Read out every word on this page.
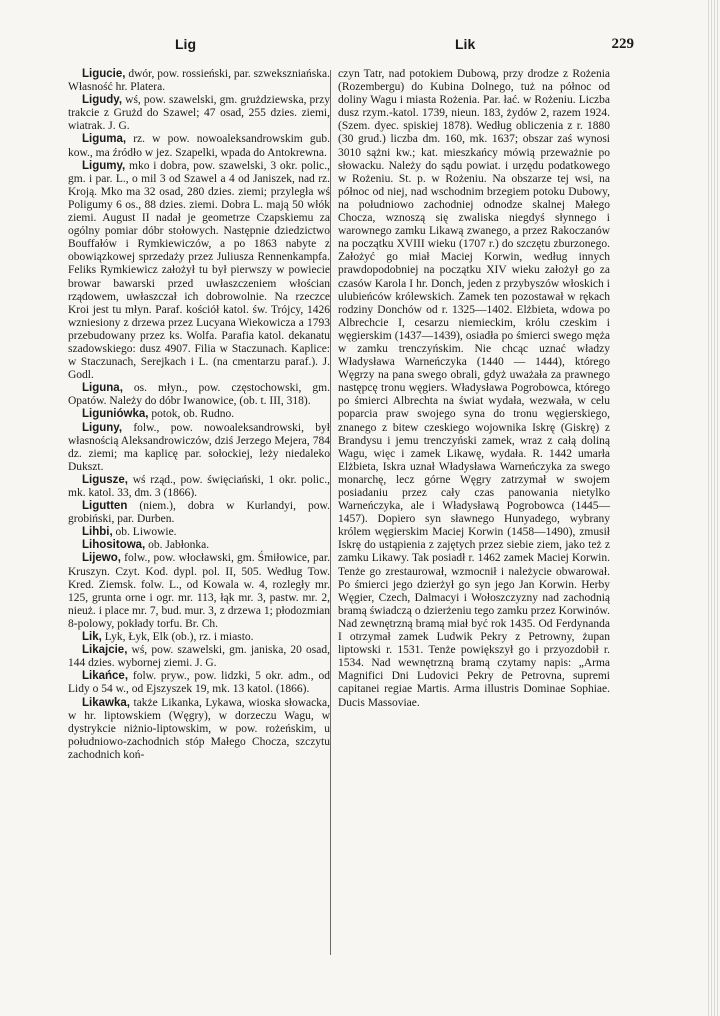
Lig	Lik	229

Ligucie, dwór, pow. rossieński, par. szwekszniańska. Własność hr. Platera.

Ligudy, wś, pow. szawelski, gm. grużdziewska, przy trakcie z Grużd do Szawel; 47 osad, 255 dzies. ziemi, wiatrak. J. G.

Liguma, rz. w pow. nowoaleksandrowskim gub. kow., ma źródło w jez. Szapelki, wpada do Antokrewna.

Ligumy, mko i dobra, pow. szawelski, 3 okr. polic., gm. i par. L., o mil 3 od Szawel a 4 od Janiszek, nad rz. Kroją. Mko ma 32 osad, 280 dzies. ziemi; przyległa wś Poligumy 6 os., 88 dzies. ziemi. Dobra L. mają 50 włók ziemi. August II nadał je geometrze Czapskiemu za ogólny pomiar dóbr stołowych. Następnie dziedzictwo Bouffałów i Rymkiewiczów, a po 1863 nabyte z obowiązkowej sprzedaży przez Juliusza Rennenkampfa. Feliks Rymkiewicz założył tu był pierwszy w powiecie browar bawarski przed uwłaszczeniem włościan rządowem, uwłaszczał ich dobrowolnie. Na rzeczce Kroi jest tu młyn. Paraf. kościół katol. św. Trójcy, 1426 wzniesiony z drzewa przez Lucyana Wiekowicza a 1793 przebudowany przez ks. Wolfa. Parafia katol. dekanatu szadowskiego: dusz 4907. Filia w Staczunach. Kaplice: w Staczunach, Serejkach i L. (na cmentarzu paraf.). J. Godl.

Liguna, os. młyn., pow. częstochowski, gm. Opatów. Należy do dóbr Iwanowice, (ob. t. III, 318).

Liguniówka, potok, ob. Rudno.

Liguny, folw., pow. nowoaleksandrowski, był własnością Aleksandrowiczów, dziś Jerzego Mejera, 784 dz. ziemi; ma kaplicę par. sołockiej, leży niedaleko Dukszt.

Ligusze, wś rząd., pow. święciański, 1 okr. polic., mk. katol. 33, dm. 3 (1866).

Ligutten (niem.), dobra w Kurlandyi, pow. grobiński, par. Durben.

Lihbi, ob. Liwowie.

Lihositowa, ob. Jabłonka.

Lijewo, folw., pow. włocławski, gm. Śmiłowice, par. Kruszyn. Czyt. Kod. dypl. pol. II, 505. Według Tow. Kred. Ziemsk. folw. L., od Kowala w. 4, rozległy mr. 125, grunta orne i ogr. mr. 113, łąk mr. 3, pastw. mr. 2, nieuż. i place mr. 7, bud. mur. 3, z drzewa 1; płodozmian 8-polowy, pokłady torfu. Br. Ch.

Lik, Lyk, Łyk, Elk (ob.), rz. i miasto.

Likajcie, wś, pow. szawelski, gm. janiska, 20 osad, 144 dzies. wybornej ziemi. J. G.

Likańce, folw. pryw., pow. lidzki, 5 okr. adm., od Lidy o 54 w., od Ejszyszek 19, mk. 13 katol. (1866).

Likawka, także Likanka, Lykawa, wioska słowacka, w hr. liptowskiem (Węgry), w dorzeczu Wagu, w dystrykcie niżnio-liptowskim, w pow. rożeńskim, u południowo-zachodnich stóp Małego Chocza, szczytu zachodnich koń-

czyn Tatr, nad potokiem Dubową, przy drodze z Rożenia (Rozembergu) do Kubina Dolnego, tuż na północ od doliny Wagu i miasta Rożenia. Par. łać. w Rożeniu. Liczba dusz rzym.-katol. 1739, nieun. 183, żydów 2, razem 1924. (Szem. dyec. spiskiej 1878). Według obliczenia z r. 1880 (30 grud.) liczba dm. 160, mk. 1637; obszar zaś wynosi 3010 sążni kw.; kat. mieszkańcy mówią przeważnie po słowacku. Należy do sądu powiat. i urzędu podatkowego w Rożeniu. St. p. w Rożeniu. Na obszarze tej wsi, na północ od niej, nad wschodnim brzegiem potoku Dubowy, na południowo zachodniej odnodze skalnej Małego Chocza, wznoszą się zwaliska niegdyś słynnego i warownego zamku Likawą zwanego, a przez Rakoczanów na początku XVIII wieku (1707 r.) do szczętu zburzonego. Założyć go miał Maciej Korwin, według innych prawdopodobniej na początku XIV wieku założył go za czasów Karola I hr. Donch, jeden z przybyszów włoskich i ulubieńców królewskich. Zamek ten pozostawał w rękach rodziny Donchów od r. 1325—1402. Elżbieta, wdowa po Albrechcie I, cesarzu niemieckim, królu czeskim i węgierskim (1437—1439), osiadła po śmierci swego męża w zamku trenczyńskim. Nie chcąc uznać władzy Władysława Warneńczyka (1440 — 1444), którego Węgrzy na pana swego obrali, gdyż uważała za prawnego następcę tronu węgiers. Władysława Pogrobowca, którego po śmierci Albrechta na świat wydała, wezwała, w celu poparcia praw swojego syna do tronu węgierskiego, znanego z bitew czeskiego wojownika Iskrę (Giskrę) z Brandysu i jemu trenczyński zamek, wraz z całą doliną Wagu, więc i zamek Likawę, wydała. R. 1442 umarła Elżbieta, Iskra uznał Władysława Warneńczyka za swego monarchę, lecz górne Węgry zatrzymał w swojem posiadaniu przez cały czas panowania nietylko Warneńczyka, ale i Władysławą Pogrobowca (1445—1457). Dopiero syn sławnego Hunyadego, wybrany królem węgierskim Maciej Korwin (1458—1490), zmusił Iskrę do ustąpienia z zajętych przez siebie ziem, jako też z zamku Likawy. Tak posiadł r. 1462 zamek Maciej Korwin. Tenże go zrestaurował, wzmocnił i należycie obwarował. Po śmierci jego dzierżył go syn jego Jan Korwin. Herby Węgier, Czech, Dalmacyi i Wołoszczyzny nad zachodnią bramą świadczą o dzierżeniu tego zamku przez Korwinów. Nad zewnętrzną bramą miał być rok 1435. Od Ferdynanda I otrzymał zamek Ludwik Pekry z Petrowny, żupan liptowski r. 1531. Tenże powiększył go i przyozdobił r. 1534. Nad wewnętrzną bramą czytamy napis: „Arma Magnifici Dni Ludovici Pekry de Petrovna, supremi capitanei regiae Martis. Arma illustris Dominae Sophiae. Ducis Massoviae.
